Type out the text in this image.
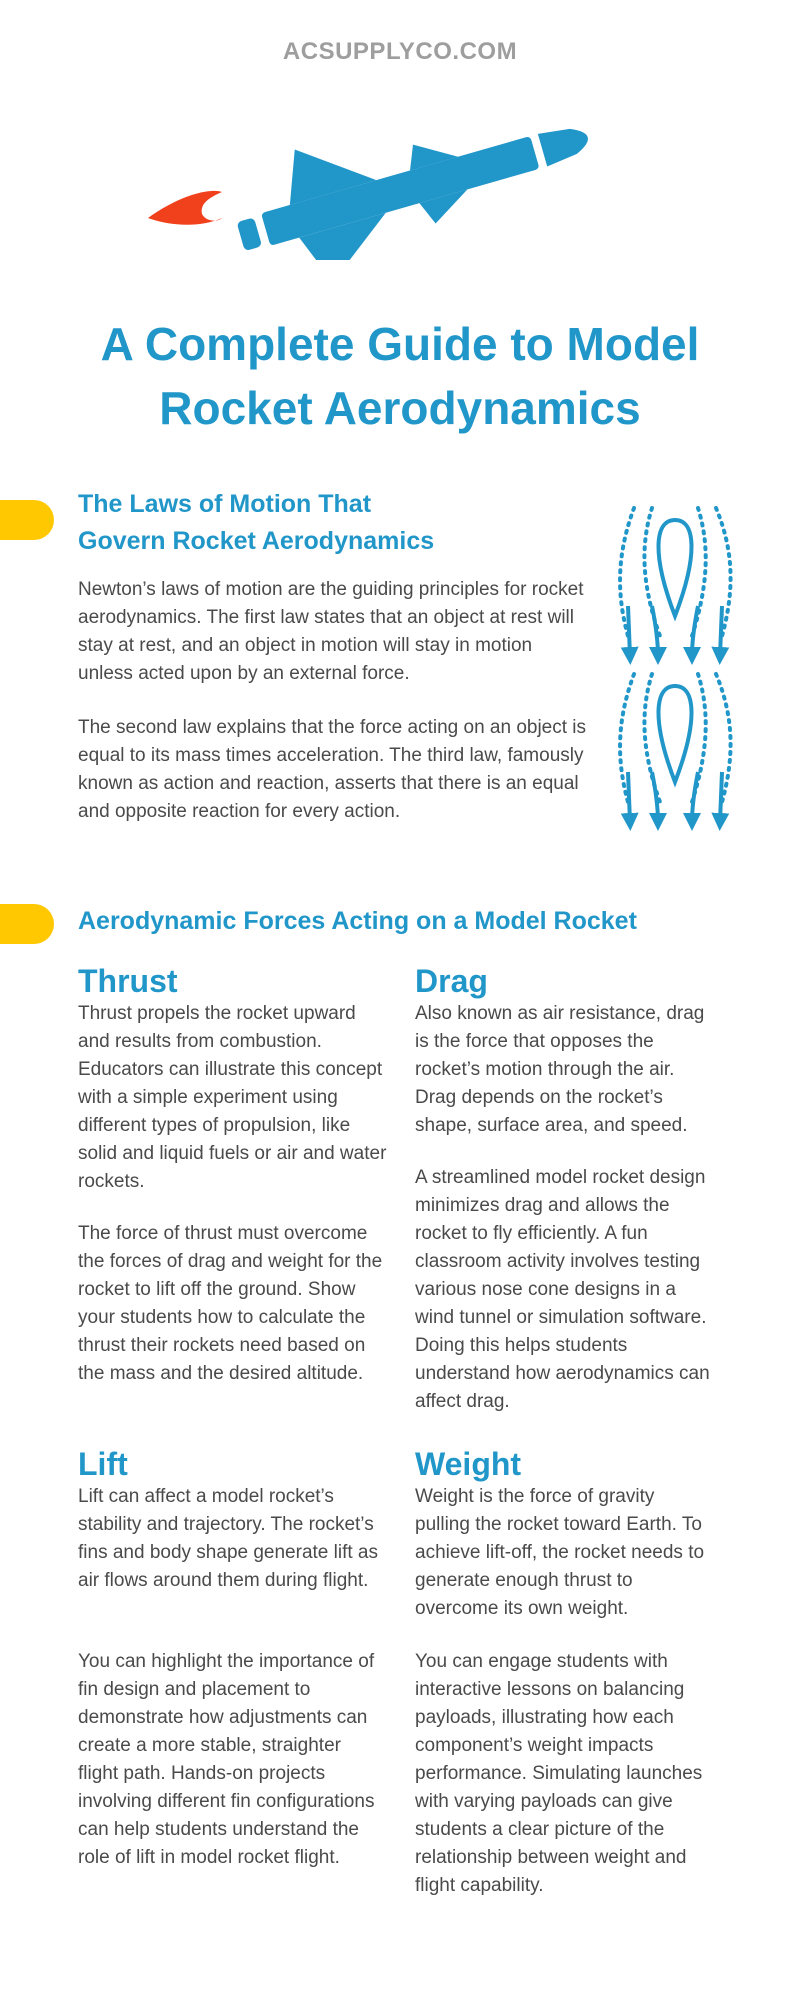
ACSUPPLYCO.COM
A Complete Guide to Model Rocket Aerodynamics
The Laws of Motion That
Govern Rocket Aerodynamics

Newton’s laws of motion are the guiding principles for rocket aerodynamics. The first law states that an object at rest will stay at rest, and an object in motion will stay in motion unless acted upon by an external force.

The second law explains that the force acting on an object is equal to its mass times acceleration. The third law, famously known as action and reaction, asserts that there is an equal and opposite reaction for every action.

Aerodynamic Forces Acting on a Model Rocket
Thrust

Thrust propels the rocket upward and results from combustion. Educators can illustrate this concept with a simple experiment using different types of propulsion, like solid and liquid fuels or air and water rockets.

The force of thrust must overcome the forces of drag and weight for the rocket to lift off the ground. Show your students how to calculate the thrust their rockets need based on the mass and the desired altitude.

Drag

Also known as air resistance, drag is the force that opposes the rocket’s motion through the air. Drag depends on the rocket’s shape, surface area, and speed.

A streamlined model rocket design minimizes drag and allows the rocket to fly efficiently. A fun classroom activity involves testing various nose cone designs in a wind tunnel or simulation software. Doing this helps students understand how aerodynamics can affect drag.

Lift

Lift can affect a model rocket’s stability and trajectory. The rocket’s fins and body shape generate lift as air flows around them during flight.

You can highlight the importance of fin design and placement to demonstrate how adjustments can create a more stable, straighter flight path. Hands-on projects involving different fin configurations can help students understand the role of lift in model rocket flight.

Weight

Weight is the force of gravity pulling the rocket toward Earth. To achieve lift-off, the rocket needs to generate enough thrust to overcome its own weight.

You can engage students with interactive lessons on balancing payloads, illustrating how each component’s weight impacts performance. Simulating launches with varying payloads can give students a clear picture of the relationship between weight and flight capability.
